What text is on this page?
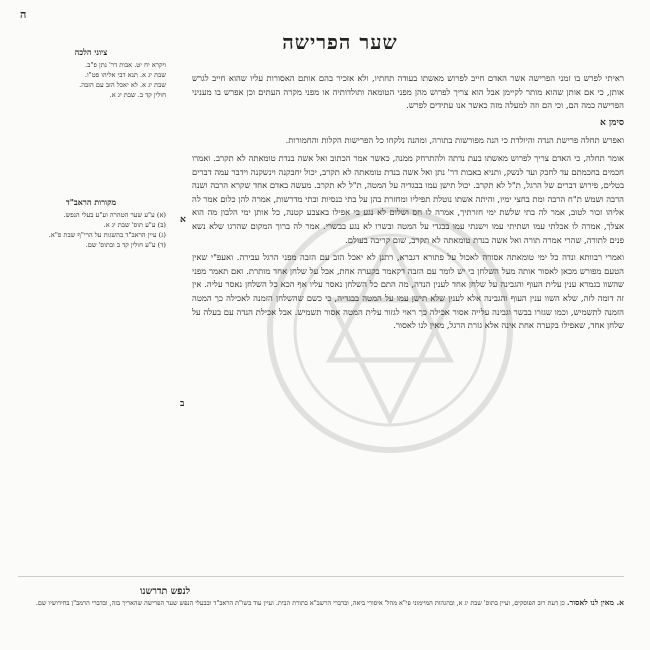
ה
שער הפרישה
ציוני הלכה
ויקרא יח יט. אבות דר' נתן פ"ב.
שבת יג א. תנא דבי אליהו פט"ו.
שבת יג א. לא יאכל הזב עם הזבה.
חולין קד ב. שבת יג א.
מקורות הראב"ד
(א) ע"ע שער הטהרה וע"ע בעלי הנפש.
(ב) ע"ע תוס' שבת יג א.
(ג) עיין הראב"ד בהשגות על הרי"ף שבת פ"א.
(ד) ע"ע חולין קד ב ובתוס' שם.

ראיתי לפרש בו זמני הפרישה אשר האדם חייב לפרוש מאשתו בעודה תחתיו, ולא אזכיר בהם אותם האסורות עליו שהוא חייב לגרש אותן, כי אם אותן שהוא מותר לקיימן אבל הוא צריך לפרוש מהן מפני הטומאה ותולדותיה או מפני מקרה העתים וכן אפרש בו מעניני הפרישה כמה הם, וכי הם וזה למעלה מזה כאשר אנו עתידים לפרש.

סימן א

ואפרש תחלה פרישת הנדה והיולדת כי הנה מפורשות בתורה, ומהנה נלקחו כל הפרישות הקלות והחמורות.

אומר תחלה, כי האדם צריך לפרוש מאשתו בעת נדתה ולהתרחק ממנה, כאשר אמר הכתוב ואל אשה בנדת טומאתה לא תקרב. ואמרו חכמים בחכמתם עד לחבק ועד לנשק, ותניא באבות דר' נתן ואל אשה בנדת טומאתה לא תקרב, יכול יחבקנה וינשקנה וידבר עמה דברים בטלים, פירוש דברים של הרגל, ת"ל לא תקרב. יכול תישן עמו בבגדיה על המטה, ת"ל לא תקרב. מעשה באדם אחד שקרא הרבה ושנה הרבה ושמש ת"ח הרבה ומת בחצי ימיו, והיתה אשתו נוטלת תפיליו ומחזרת בהן על בתי כנסיות ובתי מדרשות, אמרה להן כלום אמר לה אליהו זכור לטוב, אמר לה בתי שלשת ימי חזרתיך, אמרה לו חס ושלום לא נגע בי אפילו באצבע קטנה, כל אותן ימי הלבון מה הוא אצלך, אמרה לו אכלתי עמו ושתיתי עמו וישנתי עמו בבגדי על המטה ובשרו לא נגע בבשרי. אמר לה ברוך המקום שהרגו שלא נשא פנים לתורה, שהרי אמרה תורה ואל אשה בנדת טומאתה לא תקרב, שום קריבה בעולם.

ואמרי רבוותא ונדה כל ימי טומאתה אסורה לאכול על פתורא דגברא, רתנן לא יאכל הזב עם הזבה מפני הרגל עבירה. ואעפ"י שאין הטעם מפורש מכאן לאסור אותה מעל השלחן כי יש לומר עם הזבה דקאמר בקערה אחת, אבל על שלחן אחד מותרת. ואם תאמר מפני שהשוו בגמרא ענין עלית העוף והגבינה על שלחן אחד לענין הנדה, מה התם כל השלחן נאסר עליו אף הכא כל השלחן נאסר עליה. אין זה דומה לזה, שלא השוו ענין העוף והגבינה אלא לענין שלא תישן עמו על המטה בבגדיה, כי כשם שהשלחן הזמנה לאכילה כך המטה הזמנה לתשמיש, וכמו שגזרו בבשר וגבינה עלייה אסור אכילה כך ראוי לגזור עלית המטה אסור תשמיש. אבל אכילת הנדה עם בעלה על שלחן אחד, שאפילו בקערה אחת אינה אלא גזרת הרגל, מאין לנו לאסור.

א
ב
לנפש תדרשנו
א. מאין לנו לאסור. כן דעת רוב הפוסקים, ועיין בתוס' שבת יג א, ובהגהות המיימוני פי"א מהל' איסורי ביאה, ובדברי הרשב"א בתורת הבית. ועיין עוד בשו"ת הראב"ד ובבעלי הנפש שער הפרישה שהאריך בזה, ובדברי הרמב"ן בחידושיו שם.
